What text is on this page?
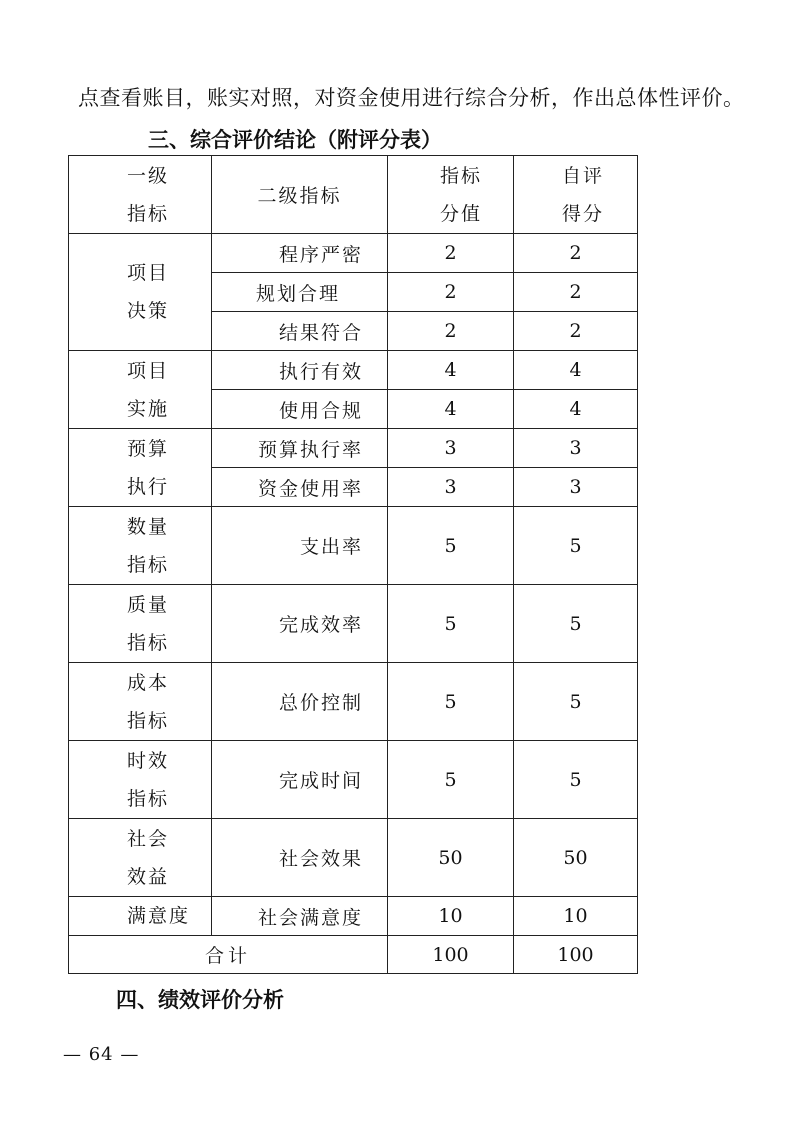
点查看账目，账实对照，对资金使用进行综合分析，作出总体性评价。
三、综合评价结论（附评分表）
一级指标	二级指标	指标分值	自评得分

项目决策	程序严密	2	2
	规划合理	2	2
	结果符合	2	2

项目实施	执行有效	4	4
	使用合规	4	4

预算执行	预算执行率	3	3
	资金使用率	3	3

数量指标	支出率	5	5

质量指标	完成效率	5	5

成本指标	总价控制	5	5

时效指标	完成时间	5	5

社会效益	社会效果	50	50
满意度	社会满意度	10	10
合计		100	100
四、绩效评价分析
— 64 —
